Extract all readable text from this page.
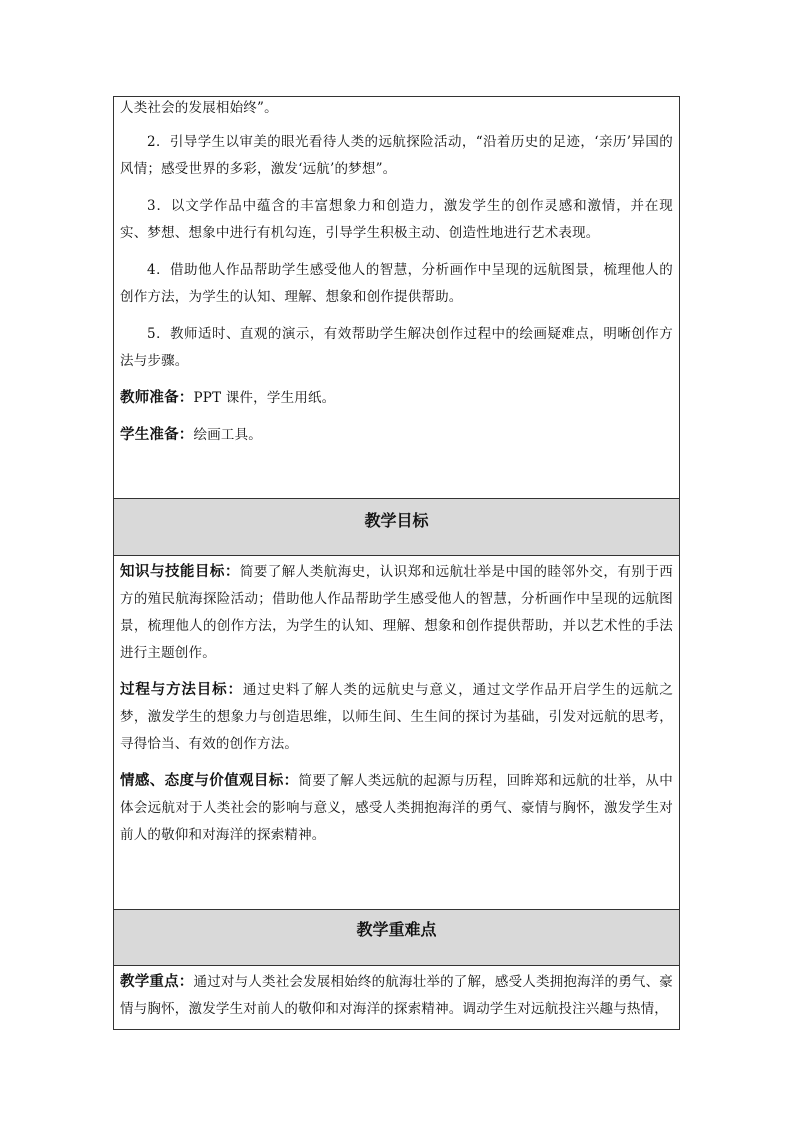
人类社会的发展相始终”。

2．引导学生以审美的眼光看待人类的远航探险活动，“沿着历史的足迹，‘亲历’异国的风情；感受世界的多彩，激发‘远航’的梦想”。

3．以文学作品中蕴含的丰富想象力和创造力，激发学生的创作灵感和激情，并在现实、梦想、想象中进行有机勾连，引导学生积极主动、创造性地进行艺术表现。

4．借助他人作品帮助学生感受他人的智慧，分析画作中呈现的远航图景，梳理他人的创作方法，为学生的认知、理解、想象和创作提供帮助。

5．教师适时、直观的演示，有效帮助学生解决创作过程中的绘画疑难点，明晰创作方法与步骤。

教师准备：PPT 课件，学生用纸。

学生准备：绘画工具。

教学目标

知识与技能目标：简要了解人类航海史，认识郑和远航壮举是中国的睦邻外交，有别于西方的殖民航海探险活动；借助他人作品帮助学生感受他人的智慧，分析画作中呈现的远航图景，梳理他人的创作方法，为学生的认知、理解、想象和创作提供帮助，并以艺术性的手法进行主题创作。

过程与方法目标：通过史料了解人类的远航史与意义，通过文学作品开启学生的远航之梦，激发学生的想象力与创造思维，以师生间、生生间的探讨为基础，引发对远航的思考，寻得恰当、有效的创作方法。

情感、态度与价值观目标：简要了解人类远航的起源与历程，回眸郑和远航的壮举，从中体会远航对于人类社会的影响与意义，感受人类拥抱海洋的勇气、豪情与胸怀，激发学生对前人的敬仰和对海洋的探索精神。

教学重难点

教学重点：通过对与人类社会发展相始终的航海壮举的了解，感受人类拥抱海洋的勇气、豪情与胸怀，激发学生对前人的敬仰和对海洋的探索精神。调动学生对远航投注兴趣与热情，
